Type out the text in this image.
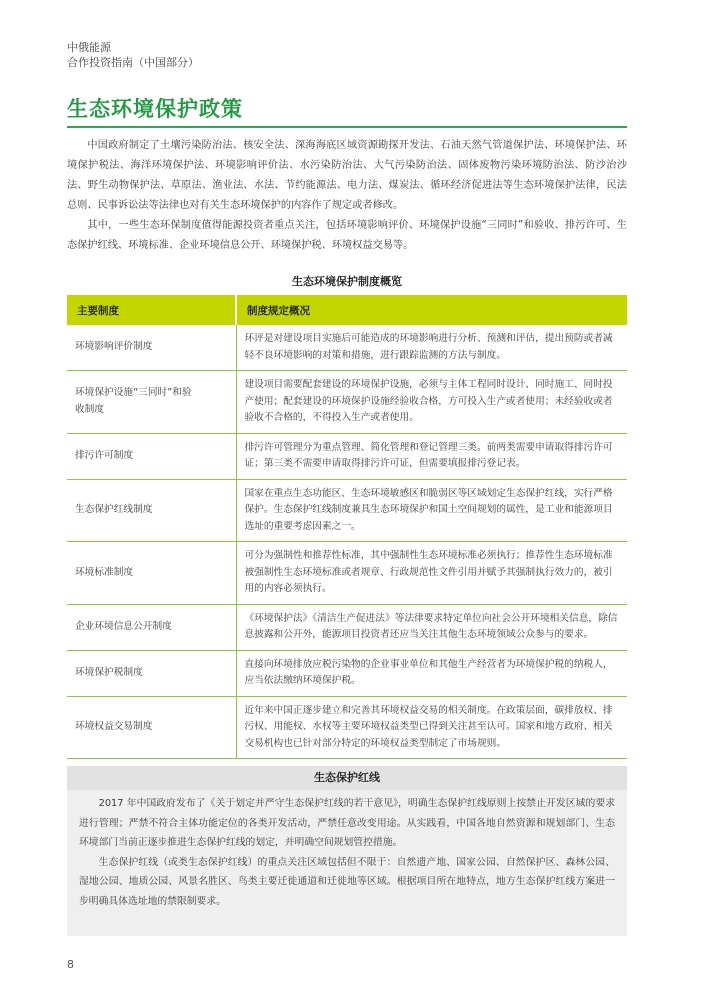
中俄能源
合作投资指南（中国部分）
生态环境保护政策

中国政府制定了土壤污染防治法、核安全法、深海海底区域资源勘探开发法、石油天然气管道保护法、环境保护法、环境保护税法、海洋环境保护法、环境影响评价法、水污染防治法、大气污染防治法、固体废物污染环境防治法、防沙治沙法、野生动物保护法、草原法、渔业法、水法、节约能源法、电力法、煤炭法、循环经济促进法等生态环境保护法律，民法总则、民事诉讼法等法律也对有关生态环境保护的内容作了规定或者修改。

其中，一些生态环保制度值得能源投资者重点关注，包括环境影响评价、环境保护设施“三同时”和验收、排污许可、生态保护红线、环境标准、企业环境信息公开、环境保护税、环境权益交易等。

生态环境保护制度概览
主要制度	制度规定概况
环境影响评价制度	环评是对建设项目实施后可能造成的环境影响进行分析、预测和评估，提出预防或者减轻不良环境影响的对策和措施，进行跟踪监测的方法与制度。
环境保护设施“三同时”和验收制度	建设项目需要配套建设的环境保护设施，必须与主体工程同时设计、同时施工、同时投产使用；配套建设的环境保护设施经验收合格，方可投入生产或者使用；未经验收或者验收不合格的，不得投入生产或者使用。
排污许可制度	排污许可管理分为重点管理、简化管理和登记管理三类。前两类需要申请取得排污许可证；第三类不需要申请取得排污许可证，但需要填报排污登记表。
生态保护红线制度	国家在重点生态功能区、生态环境敏感区和脆弱区等区域划定生态保护红线，实行严格保护。生态保护红线制度兼具生态环境保护和国土空间规划的属性，是工业和能源项目选址的重要考虑因素之一。
环境标准制度	可分为强制性和推荐性标准，其中强制性生态环境标准必须执行；推荐性生态环境标准被强制性生态环境标准或者规章、行政规范性文件引用并赋予其强制执行效力的，被引用的内容必须执行。
企业环境信息公开制度	《环境保护法》《清洁生产促进法》等法律要求特定单位向社会公开环境相关信息，除信息披露和公开外，能源项目投资者还应当关注其他生态环境领域公众参与的要求。
环境保护税制度	直接向环境排放应税污染物的企业事业单位和其他生产经营者为环境保护税的纳税人，应当依法缴纳环境保护税。
环境权益交易制度	近年来中国正逐步建立和完善其环境权益交易的相关制度。在政策层面，碳排放权、排污权、用能权、水权等主要环境权益类型已得到关注甚至认可。国家和地方政府、相关交易机构也已针对部分特定的环境权益类型制定了市场规则。
生态保护红线

2017 年中国政府发布了《关于划定并严守生态保护红线的若干意见》，明确生态保护红线原则上按禁止开发区域的要求进行管理；严禁不符合主体功能定位的各类开发活动，严禁任意改变用途。从实践看，中国各地自然资源和规划部门、生态环境部门当前正逐步推进生态保护红线的划定，并明确空间规划管控措施。

生态保护红线（或类生态保护红线）的重点关注区域包括但不限于：自然遗产地、国家公园、自然保护区、森林公园、湿地公园、地质公园、风景名胜区、鸟类主要迁徙通道和迁徙地等区域。根据项目所在地特点，地方生态保护红线方案进一步明确具体选址地的禁限制要求。

8
